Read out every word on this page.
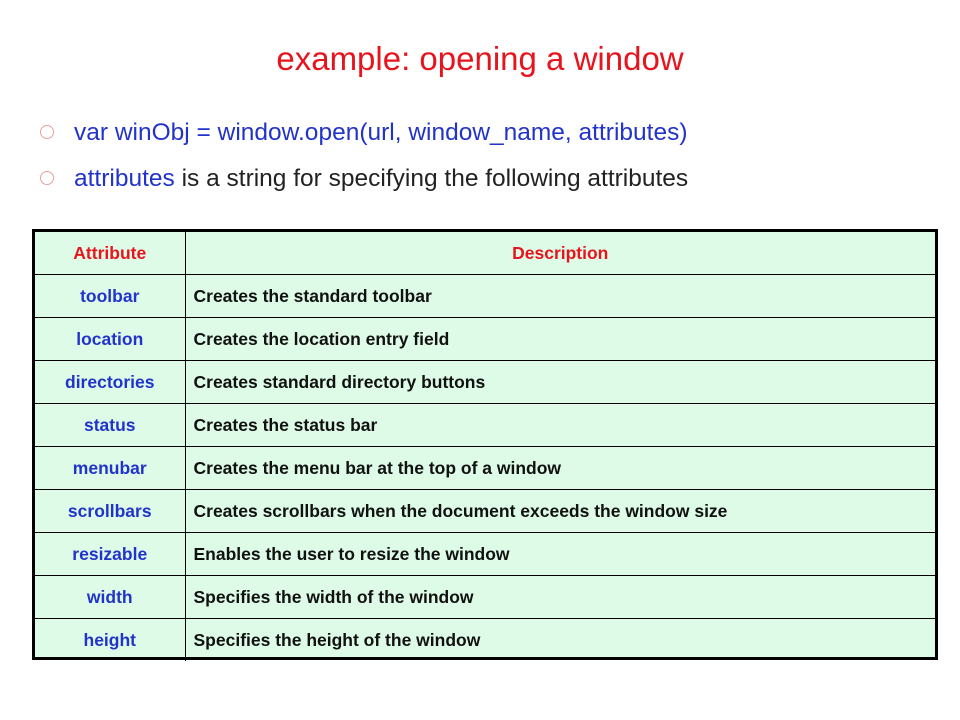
example: opening a window
var winObj = window.open(url, window_name, attributes)
attributes is a string for specifying the following attributes
Attribute	Description
toolbar	Creates the standard toolbar
location	Creates the location entry field
directories	Creates standard directory buttons
status	Creates the status bar
menubar	Creates the menu bar at the top of a window
scrollbars	Creates scrollbars when the document exceeds the window size
resizable	Enables the user to resize the window
width	Specifies the width of the window
height	Specifies the height of the window
